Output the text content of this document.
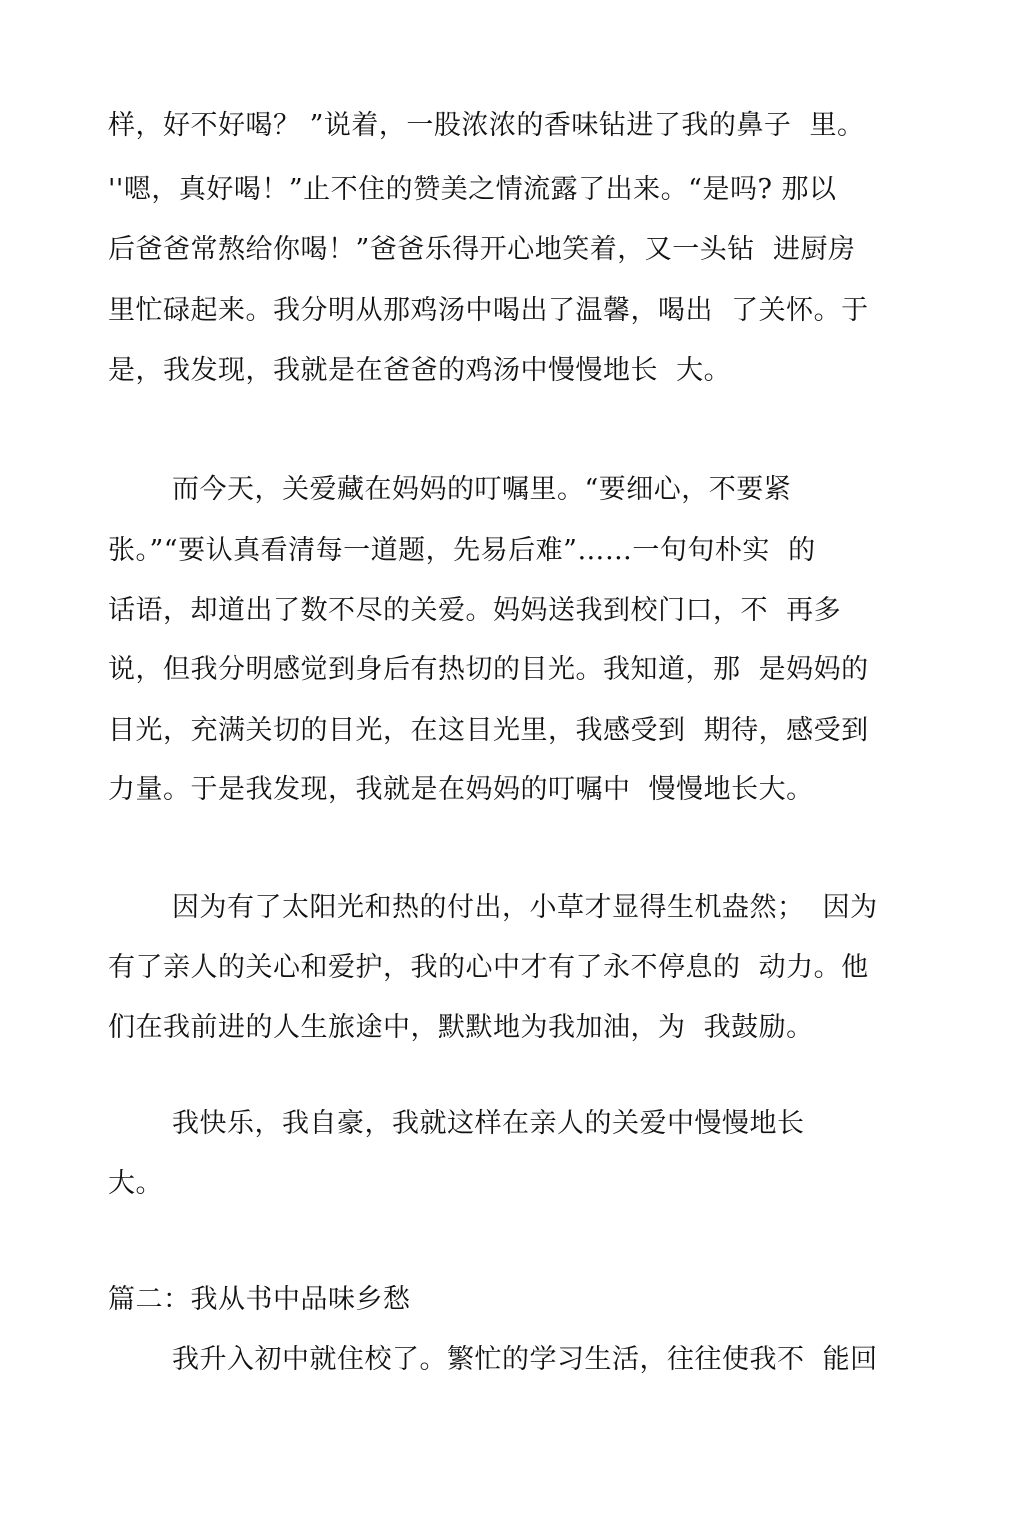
样，好不好喝？ ”说着，一股浓浓的香味钻进了我的鼻子  里。
''嗯，真好喝！”止不住的赞美之情流露了出来。“是吗? 那以
后爸爸常熬给你喝！”爸爸乐得开心地笑着，又一头钻  进厨房
里忙碌起来。我分明从那鸡汤中喝出了温馨，喝出  了关怀。于
是，我发现，我就是在爸爸的鸡汤中慢慢地长  大。
而今天，关爱藏在妈妈的叮嘱里。“要细心，不要紧
张。”“要认真看清每一道题，先易后难”……一句句朴实  的
话语，却道出了数不尽的关爱。妈妈送我到校门口，不  再多
说，但我分明感觉到身后有热切的目光。我知道，那  是妈妈的
目光，充满关切的目光，在这目光里，我感受到  期待，感受到
力量。于是我发现，我就是在妈妈的叮嘱中  慢慢地长大。
因为有了太阳光和热的付出，小草才显得生机盎然；  因为
有了亲人的关心和爱护，我的心中才有了永不停息的  动力。他
们在我前进的人生旅途中，默默地为我加油，为  我鼓励。
我快乐，我自豪，我就这样在亲人的关爱中慢慢地长
大。
篇二：我从书中品味乡愁
我升入初中就住校了。繁忙的学习生活，往往使我不  能回
